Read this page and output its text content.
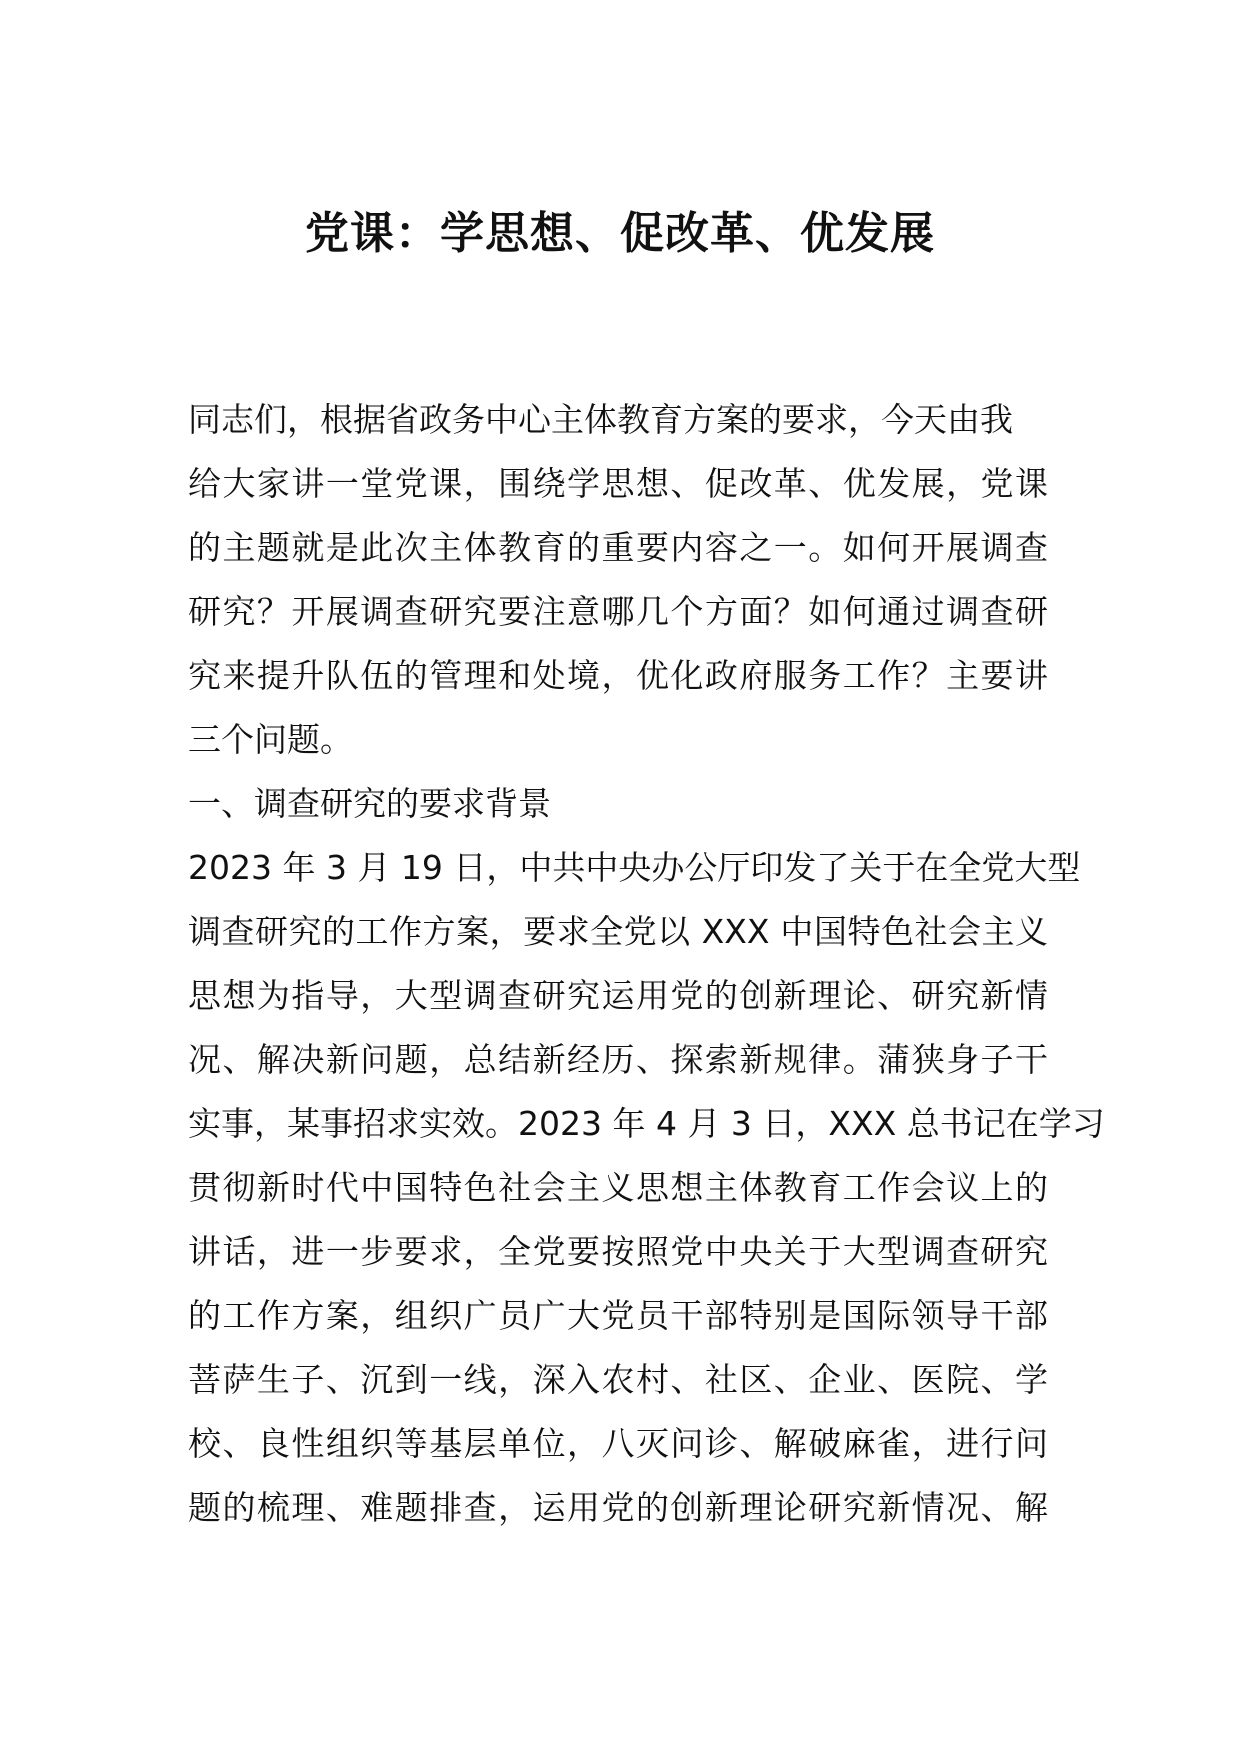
党课：学思想、促改革、优发展
同志们，根据省政务中心主体教育方案的要求，今天由我
给大家讲一堂党课，围绕学思想、促改革、优发展，党课
的主题就是此次主体教育的重要内容之一。如何开展调查
研究？开展调查研究要注意哪几个方面？如何通过调查研
究来提升队伍的管理和处境，优化政府服务工作？主要讲
三个问题。
一、调查研究的要求背景
2023 年 3 月 19 日，中共中央办公厅印发了关于在全党大型
调查研究的工作方案，要求全党以 XXX 中国特色社会主义
思想为指导，大型调查研究运用党的创新理论、研究新情
况、解决新问题，总结新经历、探索新规律。蒲狭身子干
实事，某事招求实效。2023 年 4 月 3 日，XXX 总书记在学习
贯彻新时代中国特色社会主义思想主体教育工作会议上的
讲话，进一步要求，全党要按照党中央关于大型调查研究
的工作方案，组织广员广大党员干部特别是国际领导干部
菩萨生子、沉到一线，深入农村、社区、企业、医院、学
校、良性组织等基层单位，八灭问诊、解破麻雀，进行问
题的梳理、难题排查，运用党的创新理论研究新情况、解
